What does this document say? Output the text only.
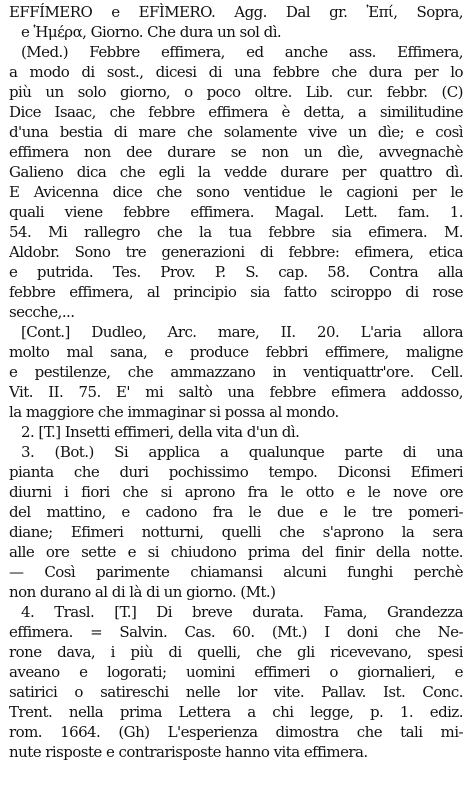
EFFÍMERO e EFÌMERO. Agg. Dal gr. Ἐπί, Sopra,
e Ἡμέρα, Giorno. Che dura un sol dì.
(Med.) Febbre effimera, ed anche ass. Effimera,
a modo di sost., dicesi di una febbre che dura per lo
più un solo giorno, o poco oltre. Lib. cur. febbr. (C)
Dice Isaac, che febbre effimera è detta, a similitudine
d'una bestia di mare che solamente vive un dìe; e così
effimera non dee durare se non un dìe, avvegnachè
Galieno dica che egli la vedde durare per quattro dì.
E Avicenna dice che sono ventidue le cagioni per le
quali viene febbre effimera. Magal. Lett. fam. 1.
54. Mi rallegro che la tua febbre sia efimera. M.
Aldobr. Sono tre generazioni di febbre: efimera, etica
e putrida. Tes. Prov. P. S. cap. 58. Contra alla
febbre effimera, al principio sia fatto sciroppo di rose
secche,...
[Cont.] Dudleo, Arc. mare, II. 20. L'aria allora
molto mal sana, e produce febbri effimere, maligne
e pestilenze, che ammazzano in ventiquattr'ore. Cell.
Vit. II. 75. E' mi saltò una febbre efimera addosso,
la maggiore che immaginar si possa al mondo.
2. [T.] Insetti effimeri, della vita d'un dì.
3. (Bot.) Si applica a qualunque parte di una
pianta che duri pochissimo tempo. Diconsi Efimeri
diurni i fiori che si aprono fra le otto e le nove ore
del mattino, e cadono fra le due e le tre pomeri-
diane; Efimeri notturni, quelli che s'aprono la sera
alle ore sette e si chiudono prima del finir della notte.
— Così parimente chiamansi alcuni funghi perchè
non durano al di là di un giorno. (Mt.)
4. Trasl. [T.] Di breve durata. Fama, Grandezza
effimera. = Salvin. Cas. 60. (Mt.) I doni che Ne-
rone dava, i più di quelli, che gli ricevevano, spesi
aveano e logorati; uomini effimeri o giornalieri, e
satirici o satireschi nelle lor vite. Pallav. Ist. Conc.
Trent. nella prima Lettera a chi legge, p. 1. ediz.
rom. 1664. (Gh) L'esperienza dimostra che tali mi-
nute risposte e contrarisposte hanno vita effimera.
